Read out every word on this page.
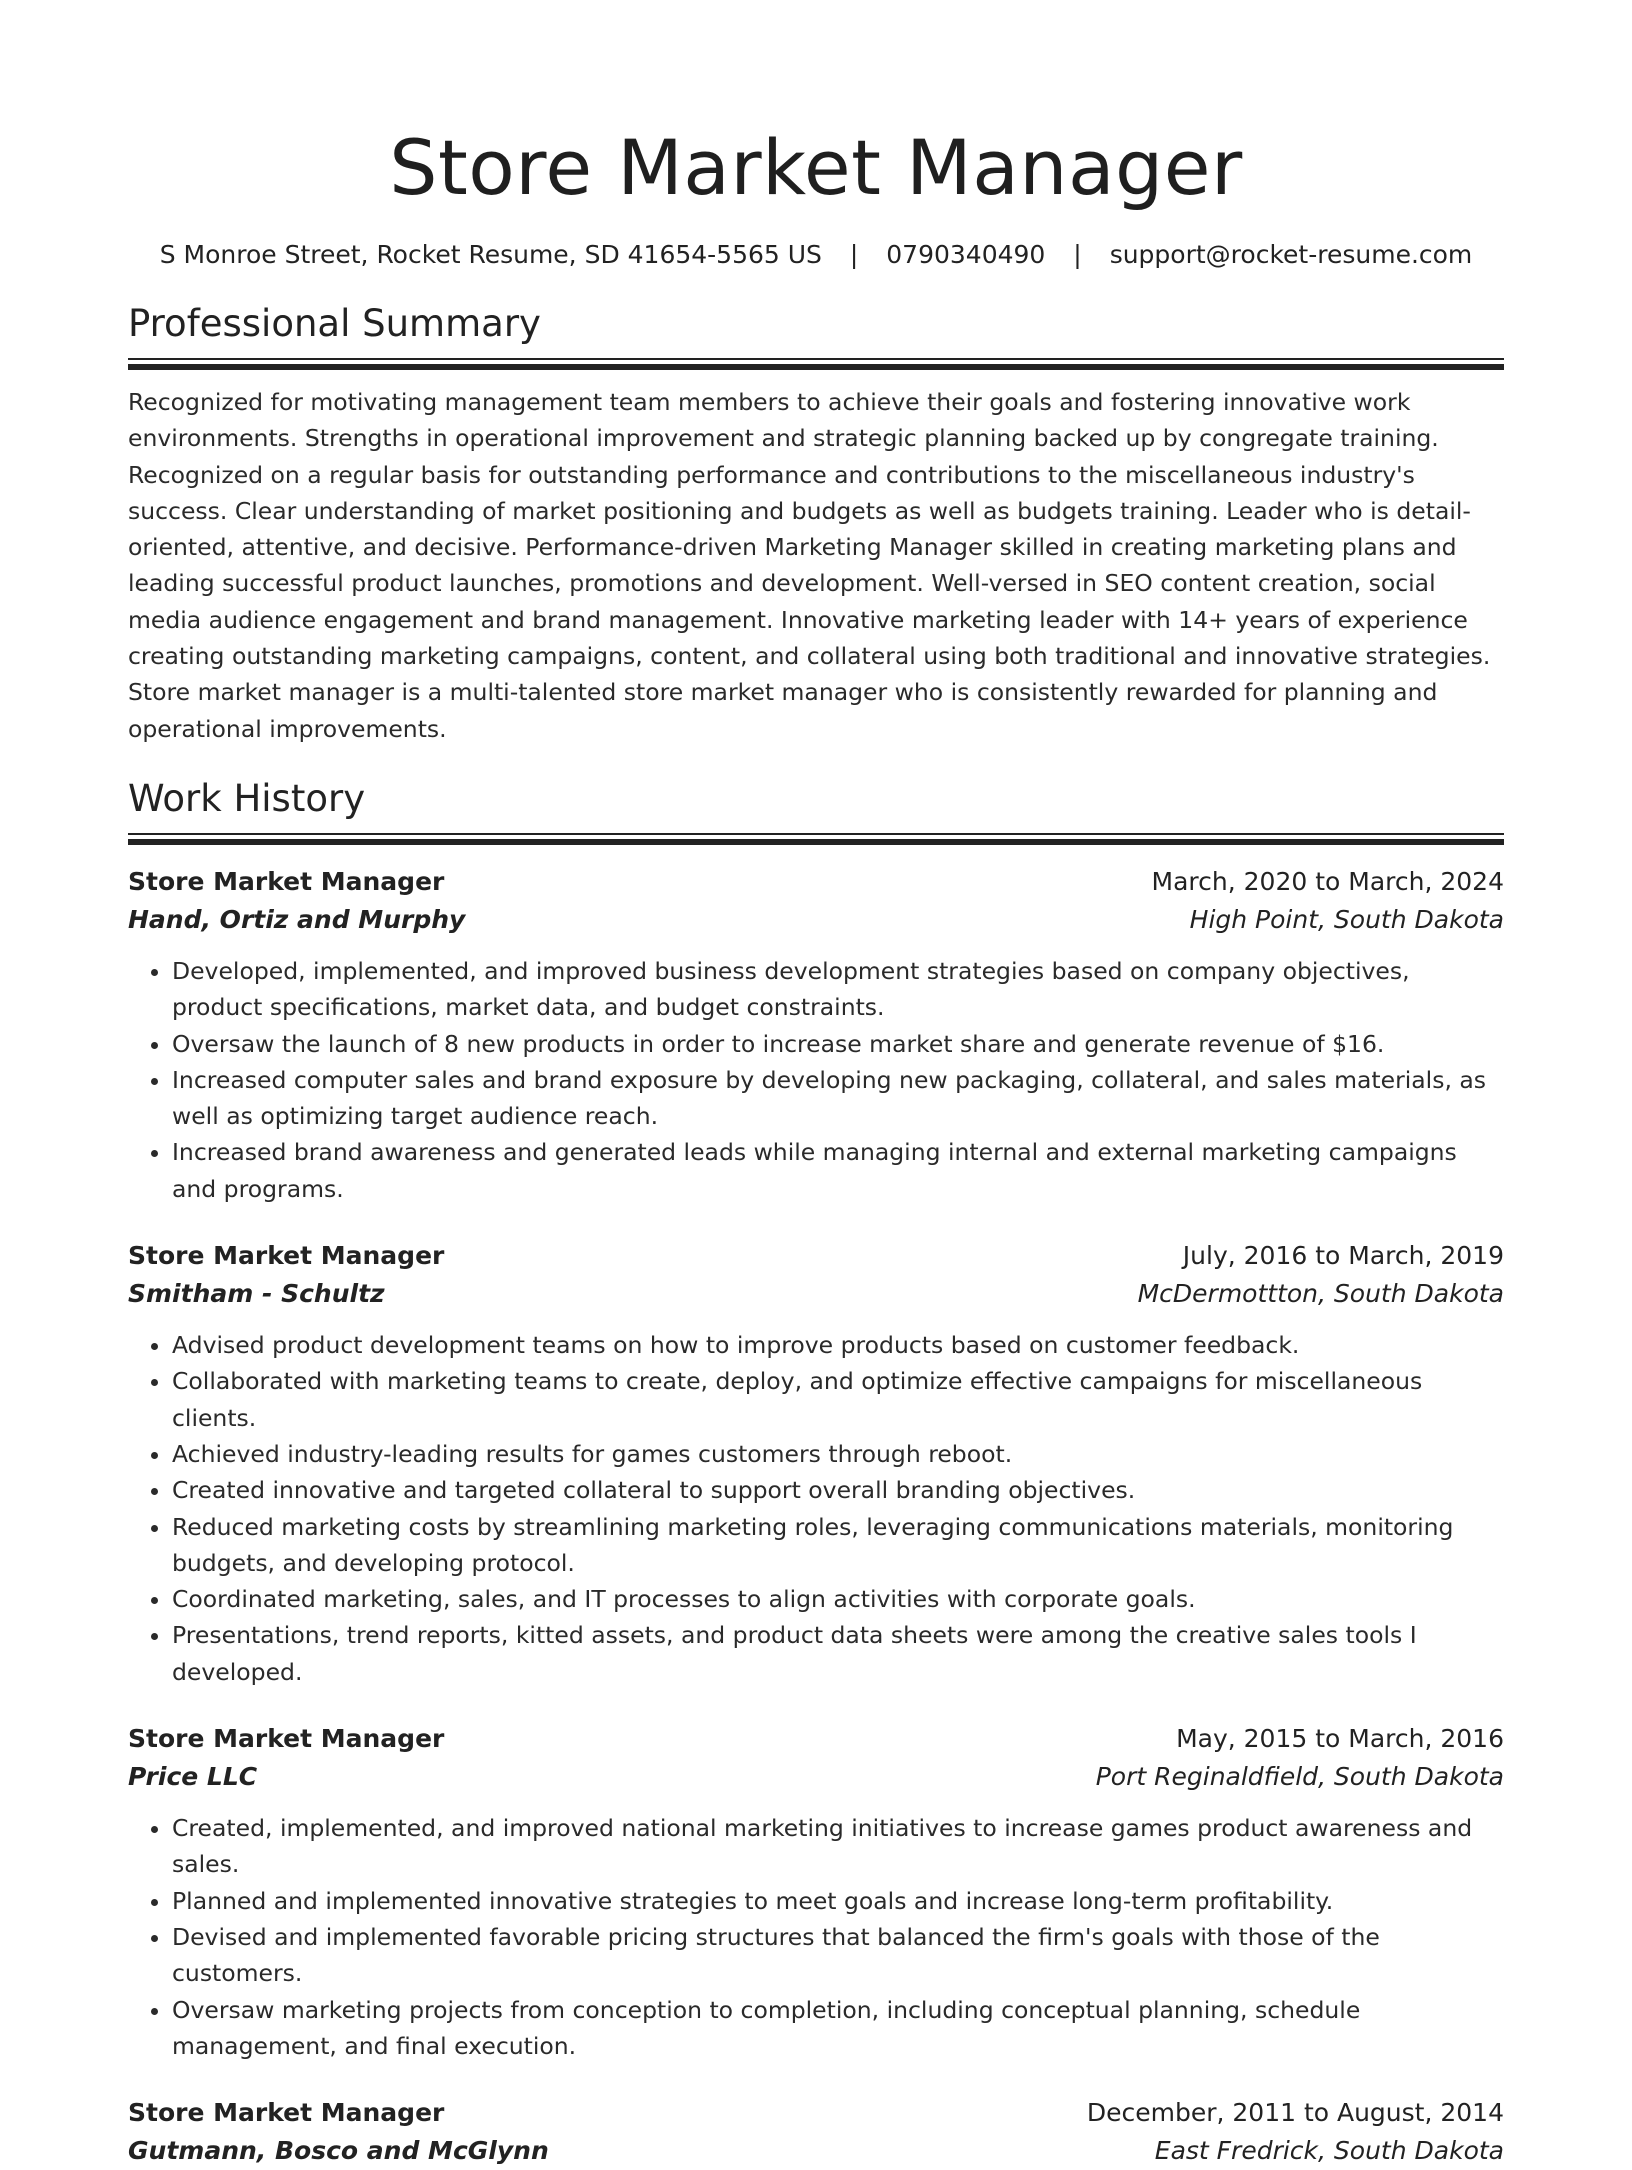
Store Market Manager
S Monroe Street, Rocket Resume, SD 41654-5565 US | 0790340490 | support@rocket-resume.com
Professional Summary

Recognized for motivating management team members to achieve their goals and fostering innovative work environments. Strengths in operational improvement and strategic planning backed up by congregate training. Recognized on a regular basis for outstanding performance and contributions to the miscellaneous industry's success. Clear understanding of market positioning and budgets as well as budgets training. Leader who is detail-oriented, attentive, and decisive. Performance-driven Marketing Manager skilled in creating marketing plans and leading successful product launches, promotions and development. Well-versed in SEO content creation, social media audience engagement and brand management. Innovative marketing leader with 14+ years of experience creating outstanding marketing campaigns, content, and collateral using both traditional and innovative strategies. Store market manager is a multi-talented store market manager who is consistently rewarded for planning and operational improvements.

Work History
Store Market Manager	March, 2020 to March, 2024
Hand, Ortiz and Murphy	High Point, South Dakota
• Developed, implemented, and improved business development strategies based on company objectives, product specifications, market data, and budget constraints.
• Oversaw the launch of 8 new products in order to increase market share and generate revenue of $16.
• Increased computer sales and brand exposure by developing new packaging, collateral, and sales materials, as well as optimizing target audience reach.
• Increased brand awareness and generated leads while managing internal and external marketing campaigns and programs.
Store Market Manager	July, 2016 to March, 2019
Smitham - Schultz	McDermottton, South Dakota
• Advised product development teams on how to improve products based on customer feedback.
• Collaborated with marketing teams to create, deploy, and optimize effective campaigns for miscellaneous clients.
• Achieved industry-leading results for games customers through reboot.
• Created innovative and targeted collateral to support overall branding objectives.
• Reduced marketing costs by streamlining marketing roles, leveraging communications materials, monitoring budgets, and developing protocol.
• Coordinated marketing, sales, and IT processes to align activities with corporate goals.
• Presentations, trend reports, kitted assets, and product data sheets were among the creative sales tools I developed.
Store Market Manager	May, 2015 to March, 2016
Price LLC	Port Reginaldfield, South Dakota
• Created, implemented, and improved national marketing initiatives to increase games product awareness and sales.
• Planned and implemented innovative strategies to meet goals and increase long-term profitability.
• Devised and implemented favorable pricing structures that balanced the firm's goals with those of the customers.
• Oversaw marketing projects from conception to completion, including conceptual planning, schedule management, and final execution.
Store Market Manager	December, 2011 to August, 2014
Gutmann, Bosco and McGlynn	East Fredrick, South Dakota
